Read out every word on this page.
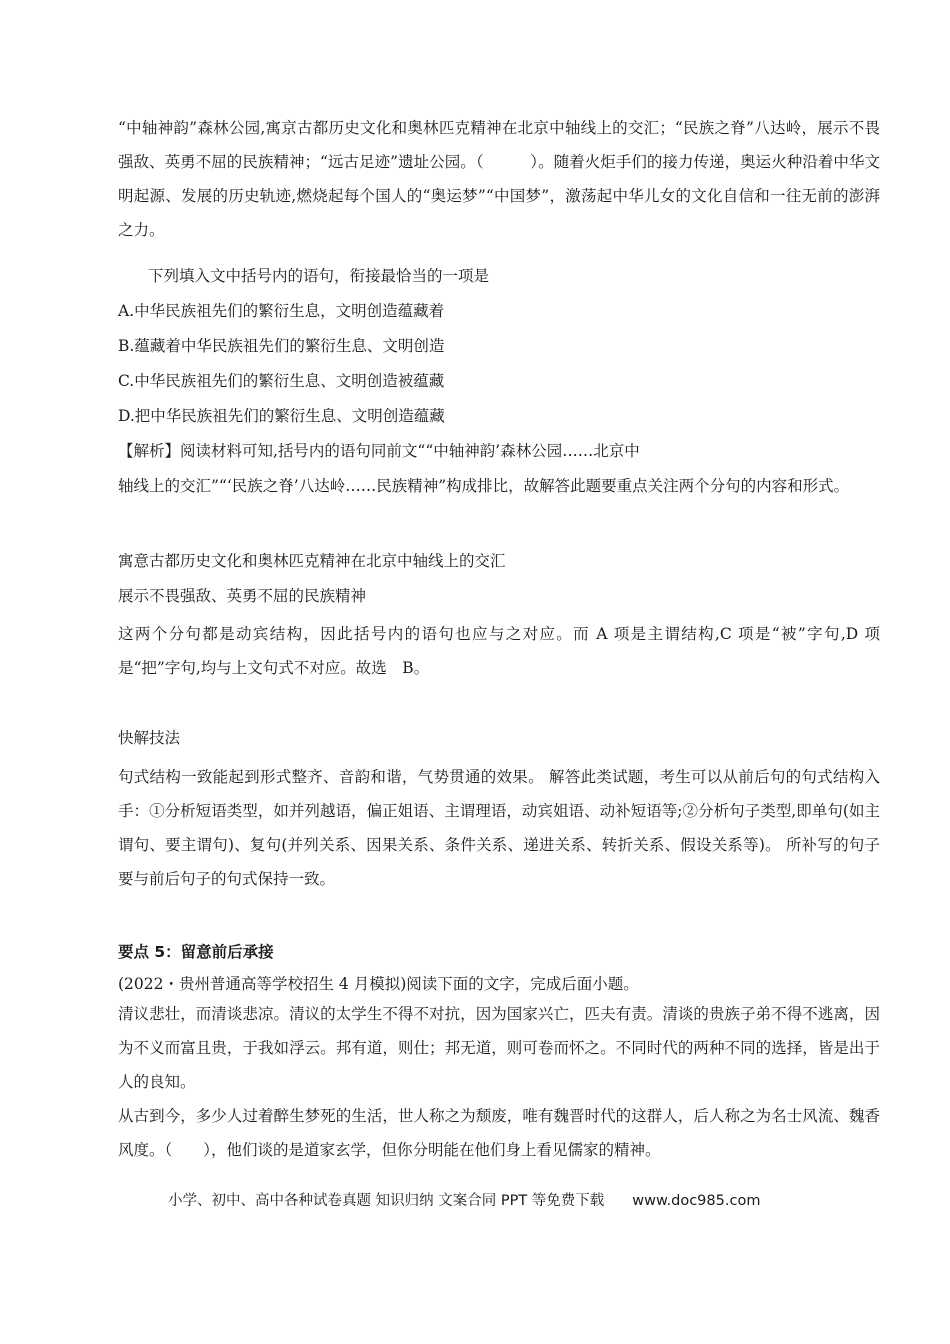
“中轴神韵”森林公园,寓京古都历史文化和奥林匹克精神在北京中轴线上的交汇；“民族之脊”八达岭，展示不畏强敌、英勇不屈的民族精神；“远古足迹”遗址公园。（　　　）。随着火炬手们的接力传递，奥运火种沿着中华文明起源、发展的历史轨迹,燃烧起每个国人的“奥运梦”“中国梦”，激荡起中华儿女的文化自信和一往无前的澎湃之力。

下列填入文中括号内的语句，衔接最恰当的一项是

A.中华民族祖先们的繁衍生息，文明创造蕴藏着

B.蕴藏着中华民族祖先们的繁衍生息、文明创造

C.中华民族祖先们的繁衍生息、文明创造被蕴藏

D.把中华民族祖先们的繁衍生息、文明创造蕴藏

【解析】阅读材料可知,括号内的语句同前文““中轴神韵’森林公园……北京中

轴线上的交汇”“‘民族之脊’八达岭……民族精神”构成排比，故解答此题要重点关注两个分句的内容和形式。

寓意古都历史文化和奥林匹克精神在北京中轴线上的交汇

展示不畏强敌、英勇不屈的民族精神

这两个分句都是动宾结构，因此括号内的语句也应与之对应。而 A 项是主谓结构,C 项是“被”字句,D 项是“把”字句,均与上文句式不对应。故选　B。

快解技法

句式结构一致能起到形式整齐、音韵和谐，气势贯通的效果。 解答此类试题，考生可以从前后句的句式结构入手：①分析短语类型，如并列越语，偏正姐语、主谓理语，动宾姐语、动补短语等;②分析句子类型,即单句(如主谓句、要主谓句)、复句(并列关系、因果关系、条件关系、递进关系、转折关系、假设关系等)。 所补写的句子要与前后句子的句式保持一致。

要点 5：留意前后承接

(2022・贵州普通高等学校招生 4 月模拟)阅读下面的文字，完成后面小题。

清议悲壮，而清谈悲凉。清议的太学生不得不对抗，因为国家兴亡，匹夫有责。清谈的贵族子弟不得不逃离，因为不义而富且贵，于我如浮云。邦有道，则仕；邦无道，则可卷而怀之。不同时代的两种不同的选择，皆是出于人的良知。

从古到今，多少人过着醉生梦死的生活，世人称之为颓废，唯有魏晋时代的这群人，后人称之为名士风流、魏香风度。（　　），他们谈的是道家玄学，但你分明能在他们身上看见儒家的精神。

小学、初中、高中各种试卷真题 知识归纳 文案合同 PPT 等免费下载 www.doc985.com
